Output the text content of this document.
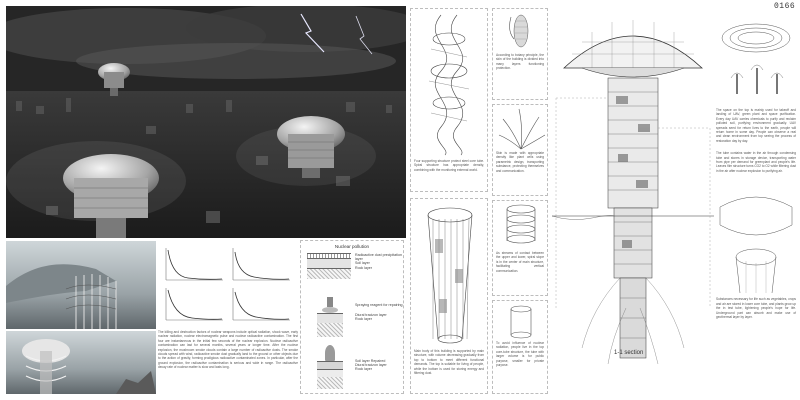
0166

The killing and destruction factors of nuclear weapons include optical radiation, shock wave, early nuclear radiation, nuclear electromagnetic pulse and nuclear radioactive contamination. The first four are instantaneous in the initial few seconds of the nuclear explosion. Nuclear radioactive contamination can last for several months, several years or longer time. After the nuclear explosion, the mushroom smoke clouds contain a large number of radioactive dusts. The smoke clouds spread with wind, radioactive smoke dust gradually land to the ground or other objects due to the action of gravity, forming prodigious radioactive contaminated zones. In particular, after the ground explosion, the radioactive contamination is serious and wide in range. The radioactive decay rate of nuclear matter is slow and lasts long.

Nuclear pollution
Radioactive dust precipitation layer
Soil layer
Rock layer
Spraying reagent for repairing
Diural tracizon layer
Rock layer
Soil layer Repaired
Diural tracizon layer
Rock layer

Four supporting structure protect steel core tube. Spiral structure has appropriate density, combining with the monitoring external world.

Main body of this building is supported by main structure, with volume decreasing gradually from top to bottom to meet different functional demands. The top is suitable for living of people, while the bottom is used for storing energy and filtering dust.

According to botany principle, the skin of the building is divided into many layers functioning protection.

Skin is made with appropriate density like plant cells using parametric design, transporting substance, protecting themselves and communication.

As streams of contact between the upper and lower, spiral slope is in the center of main structure, facilitating vertical communication.

To avoid influence of nuclear radiation, people live in the top core-tube structure, the tube with larger volume is for public purpose, smaller for private purpose.

1-1 section

The space on the top is mainly used for takeoff and landing of UAV, green plant and space purification. Every day UAV carries chemicals to purify and reclaim polluted soil, purifying environment gradually. UAV spreads seed for return lives to the earth, people will return home in some day. People can observe a real and clean environment from top seeing the process of restoration day by day.

The tube contains water in the air through condensing tube and stores in storage device, transporting water from pipe per demand for greenplant and people's life. Leaves film structure turns CO2 to O2 while filtering dust in the air after nuclear explosion to purifying air.

Substances necessary for life such as vegetables, crops and air are stored in lower core tube, and plants grow up the in test tube, lightening people's hope for life. Underground part can absorb and make use of geothermal layer by layer.
